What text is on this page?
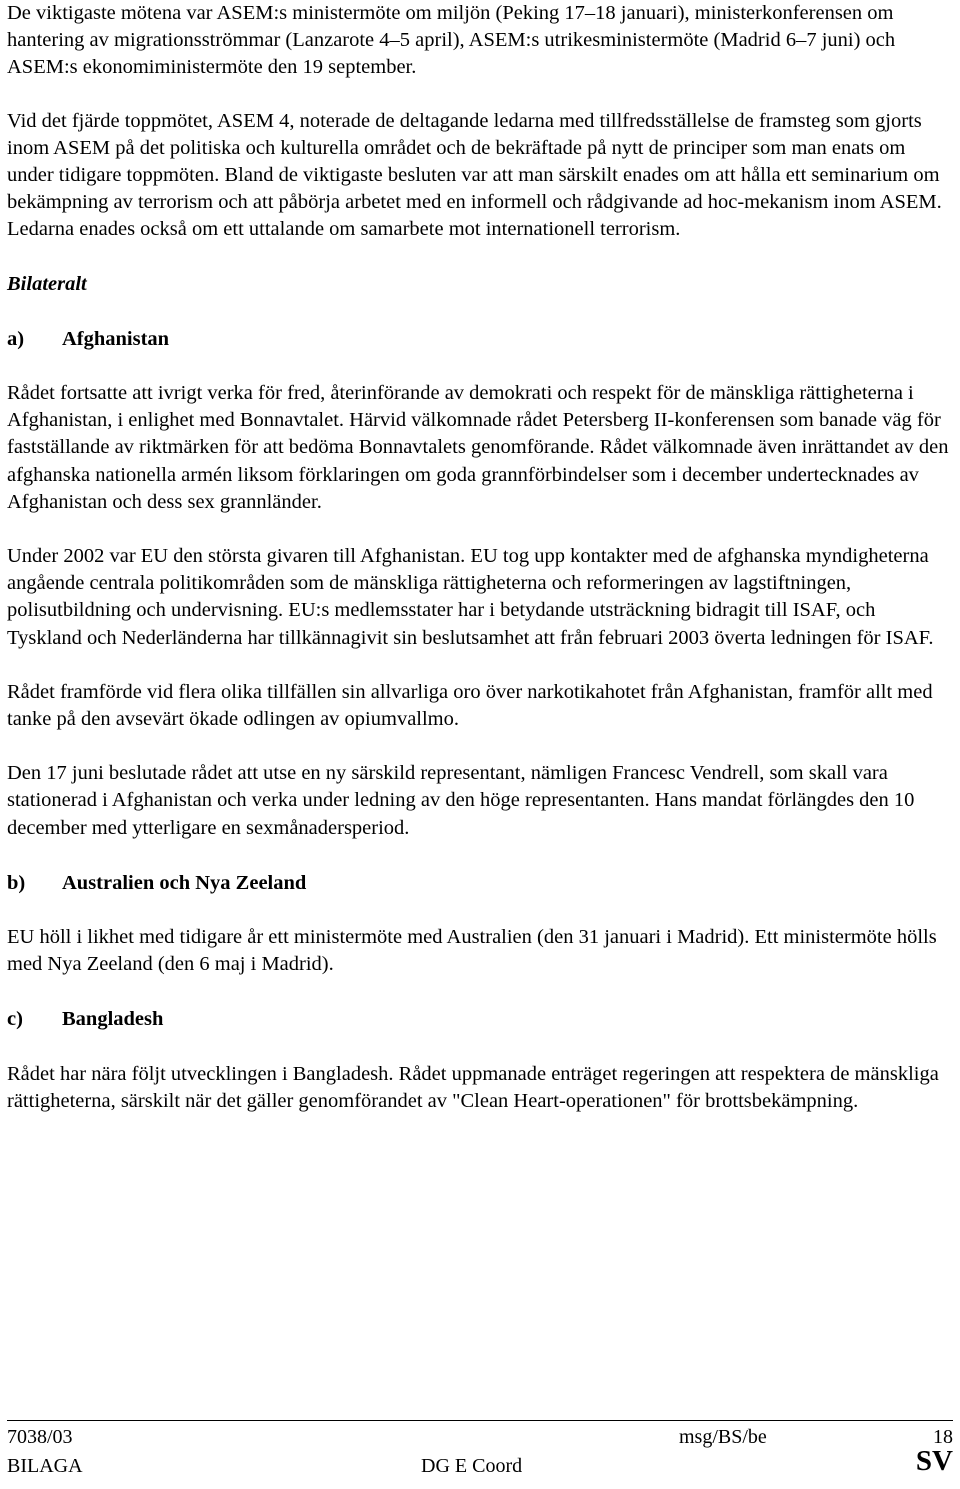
De viktigaste mötena var ASEM:s ministermöte om miljön (Peking 17–18 januari), ministerkonferensen om hantering av migrationsströmmar (Lanzarote 4–5 april), ASEM:s utrikesministermöte (Madrid 6–7 juni) och ASEM:s ekonomiministermöte den 19 september.

Vid det fjärde toppmötet, ASEM 4, noterade de deltagande ledarna med tillfredsställelse de framsteg som gjorts inom ASEM på det politiska och kulturella området och de bekräftade på nytt de principer som man enats om under tidigare toppmöten. Bland de viktigaste besluten var att man särskilt enades om att hålla ett seminarium om bekämpning av terrorism och att påbörja arbetet med en informell och rådgivande ad hoc-mekanism inom ASEM. Ledarna enades också om ett uttalande om samarbete mot internationell terrorism.

Bilateralt

a)	Afghanistan

Rådet fortsatte att ivrigt verka för fred, återinförande av demokrati och respekt för de mänskliga rättigheterna i Afghanistan, i enlighet med Bonnavtalet. Härvid välkomnade rådet Petersberg II-konferensen som banade väg för fastställande av riktmärken för att bedöma Bonnavtalets genomförande. Rådet välkomnade även inrättandet av den afghanska nationella armén liksom förklaringen om goda grannförbindelser som i december undertecknades av Afghanistan och dess sex grannländer.

Under 2002 var EU den största givaren till Afghanistan. EU tog upp kontakter med de afghanska myndigheterna angående centrala politikområden som de mänskliga rättigheterna och reformeringen av lagstiftningen, polisutbildning och undervisning. EU:s medlemsstater har i betydande utsträckning bidragit till ISAF, och Tyskland och Nederländerna har tillkännagivit sin beslutsamhet att från februari 2003 överta ledningen för ISAF.

Rådet framförde vid flera olika tillfällen sin allvarliga oro över narkotikahotet från Afghanistan, framför allt med tanke på den avsevärt ökade odlingen av opiumvallmo.

Den 17 juni beslutade rådet att utse en ny särskild representant, nämligen Francesc Vendrell, som skall vara stationerad i Afghanistan och verka under ledning av den höge representanten. Hans mandat förlängdes den 10 december med ytterligare en sexmånadersperiod.

b)	Australien och Nya Zeeland

EU höll i likhet med tidigare år ett ministermöte med Australien (den 31 januari i Madrid). Ett ministermöte hölls med Nya Zeeland (den 6 maj i Madrid).

c)	Bangladesh

Rådet har nära följt utvecklingen i Bangladesh. Rådet uppmanade enträget regeringen att respektera de mänskliga rättigheterna, särskilt när det gäller genomförandet av "Clean Heart-operationen" för brottsbekämpning.

7038/03	msg/BS/be	18
BILAGA	DG E Coord	SV
